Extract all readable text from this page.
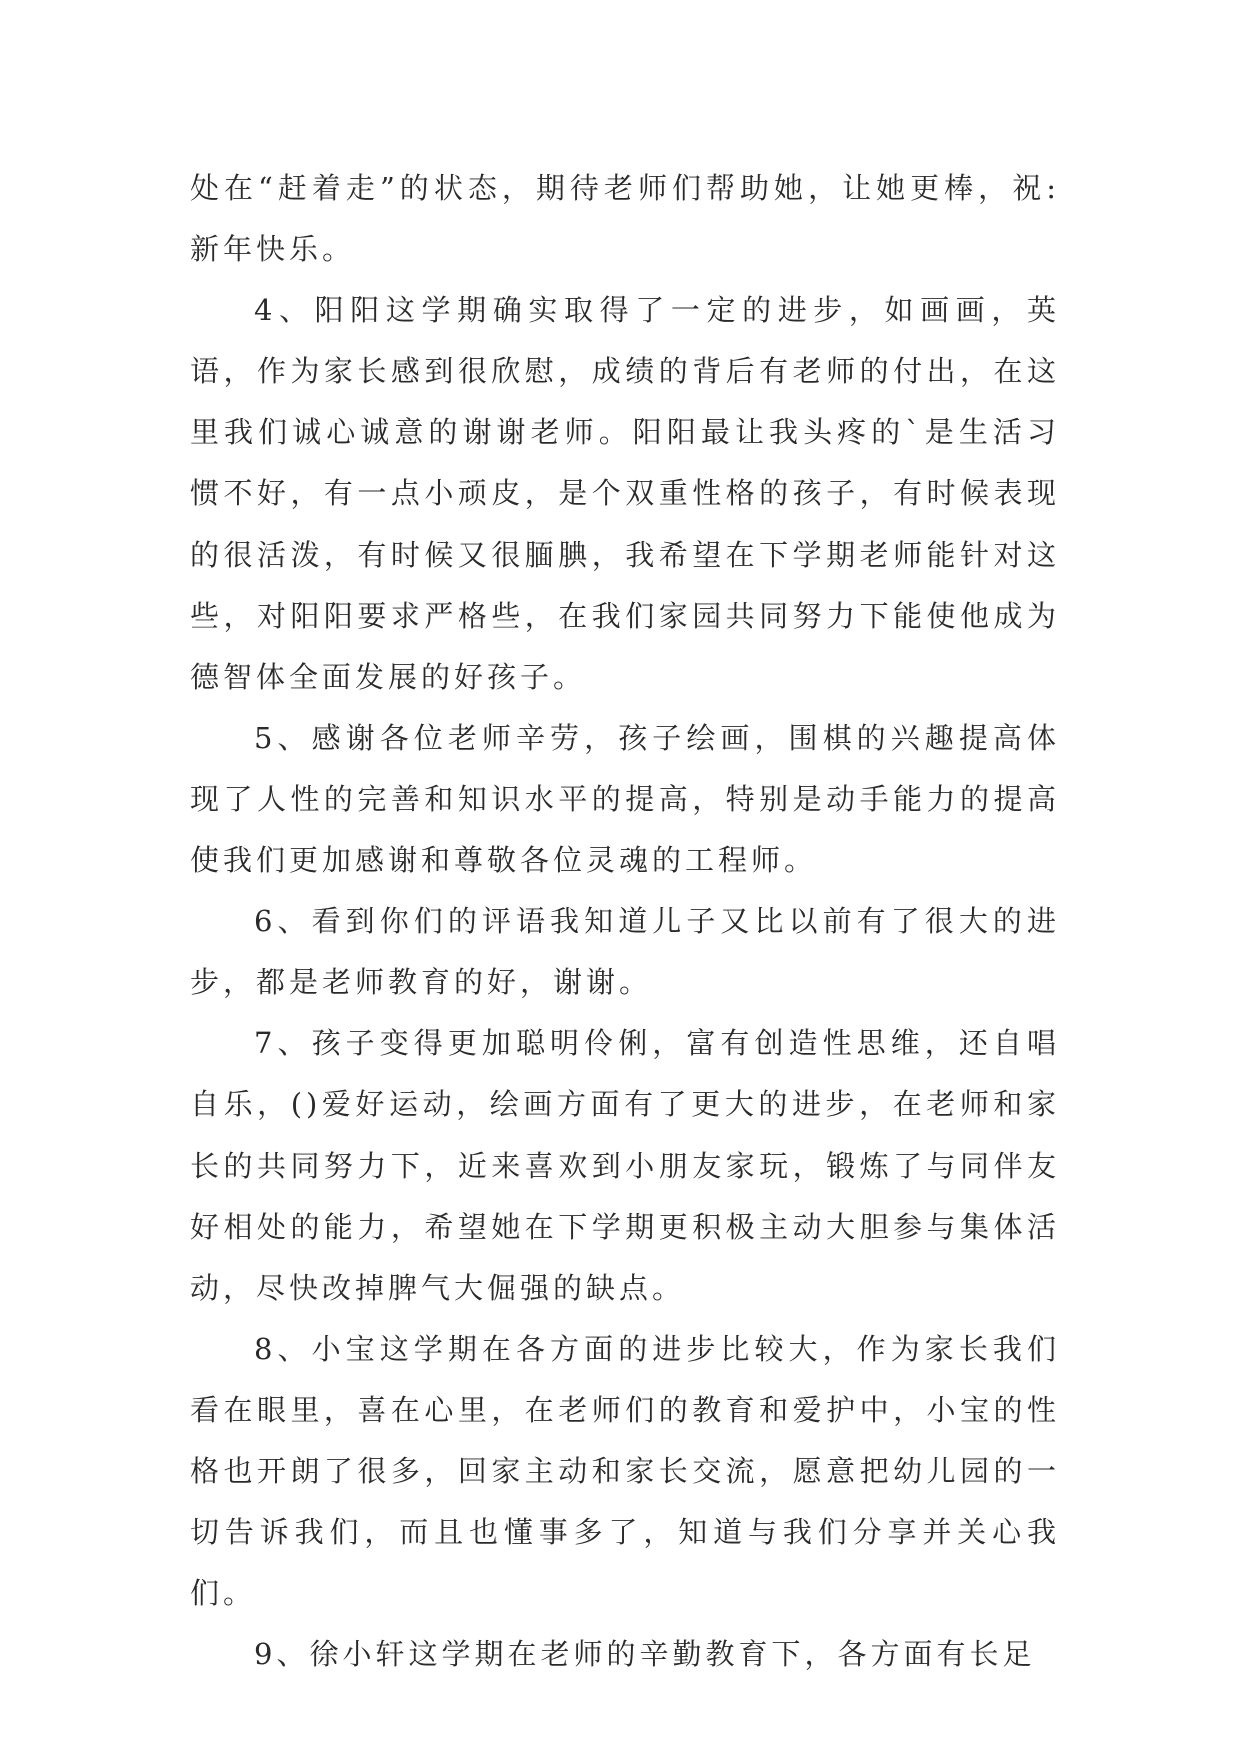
处在“赶着走”的状态，期待老师们帮助她，让她更棒，祝:新年快乐。

4、阳阳这学期确实取得了一定的进步，如画画，英语，作为家长感到很欣慰，成绩的背后有老师的付出，在这里我们诚心诚意的谢谢老师。阳阳最让我头疼的`是生活习惯不好，有一点小顽皮，是个双重性格的孩子，有时候表现的很活泼，有时候又很腼腆，我希望在下学期老师能针对这些，对阳阳要求严格些，在我们家园共同努力下能使他成为德智体全面发展的好孩子。

5、感谢各位老师辛劳，孩子绘画，围棋的兴趣提高体现了人性的完善和知识水平的提高，特别是动手能力的提高使我们更加感谢和尊敬各位灵魂的工程师。

6、看到你们的评语我知道儿子又比以前有了很大的进步，都是老师教育的好，谢谢。

7、孩子变得更加聪明伶俐，富有创造性思维，还自唱自乐，()爱好运动，绘画方面有了更大的进步，在老师和家长的共同努力下，近来喜欢到小朋友家玩，锻炼了与同伴友好相处的能力，希望她在下学期更积极主动大胆参与集体活动，尽快改掉脾气大倔强的缺点。

8、小宝这学期在各方面的进步比较大，作为家长我们看在眼里，喜在心里，在老师们的教育和爱护中，小宝的性格也开朗了很多，回家主动和家长交流，愿意把幼儿园的一切告诉我们，而且也懂事多了，知道与我们分享并关心我们。

9、徐小轩这学期在老师的辛勤教育下，各方面有长足
